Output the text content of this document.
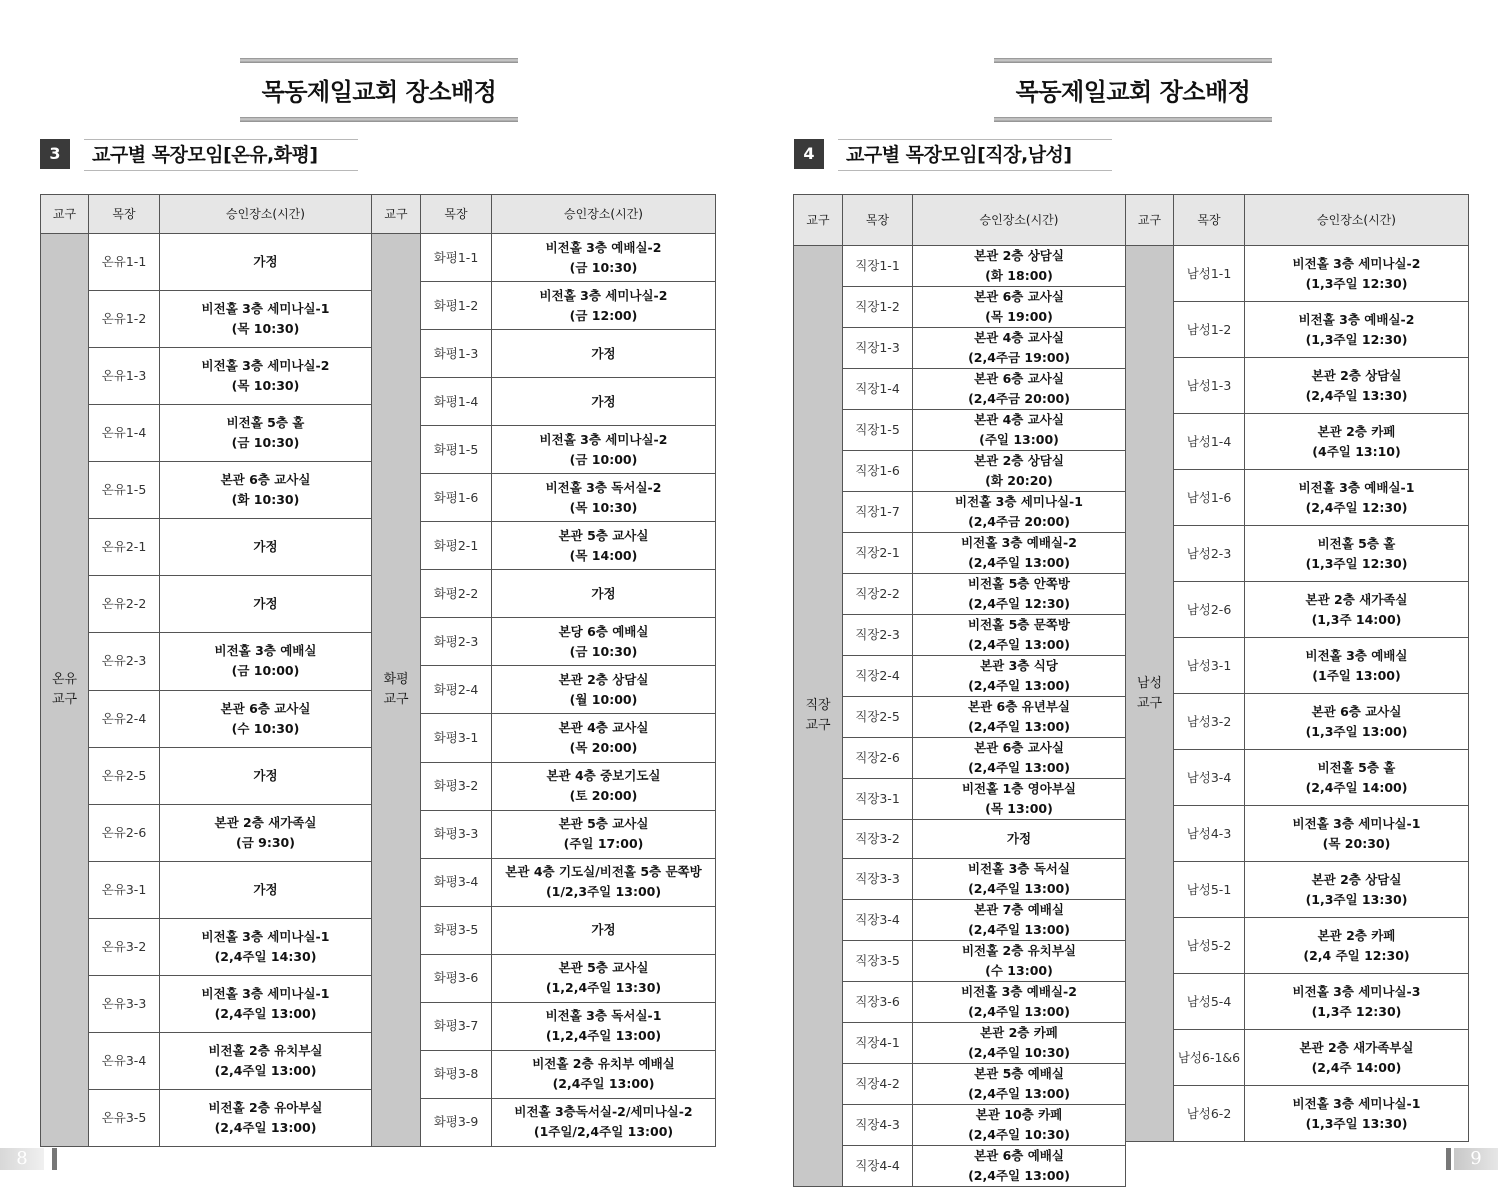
목동제일교회 장소배정
3	교구별 목장모임[온유,화평]
교구	목장	승인장소(시간)

온유
교구	온유1-1	가정

	온유1-2	비전홀 3층 세미나실-1
(목 10:30)

	온유1-3	비전홀 3층 세미나실-2
(목 10:30)

	온유1-4	비전홀 5층 홀
(금 10:30)

	온유1-5	본관 6층 교사실
(화 10:30)

	온유2-1	가정

	온유2-2	가정

	온유2-3	비전홀 3층 예배실
(금 10:00)

	온유2-4	본관 6층 교사실
(수 10:30)

	온유2-5	가정

	온유2-6	본관 2층 새가족실
(금 9:30)

	온유3-1	가정

	온유3-2	비전홀 3층 세미나실-1
(2,4주일 14:30)

	온유3-3	비전홀 3층 세미나실-1
(2,4주일 13:00)

	온유3-4	비전홀 2층 유치부실
(2,4주일 13:00)

	온유3-5	비전홀 2층 유아부실
(2,4주일 13:00)
교구	목장	승인장소(시간)

화평
교구	화평1-1	비전홀 3층 예배실-2
(금 10:30)

	화평1-2	비전홀 3층 세미나실-2
(금 12:00)

	화평1-3	가정

	화평1-4	가정

	화평1-5	비전홀 3층 세미나실-2
(금 10:00)

	화평1-6	비전홀 3층 독서실-2
(목 10:30)

	화평2-1	본관 5층 교사실
(목 14:00)

	화평2-2	가정

	화평2-3	본당 6층 예배실
(금 10:30)

	화평2-4	본관 2층 상담실
(월 10:00)

	화평3-1	본관 4층 교사실
(목 20:00)

	화평3-2	본관 4층 중보기도실
(토 20:00)

	화평3-3	본관 5층 교사실
(주일 17:00)

	화평3-4	본관 4층 기도실/비전홀 5층 문쪽방
(1/2,3주일 13:00)

	화평3-5	가정

	화평3-6	본관 5층 교사실
(1,2,4주일 13:30)

	화평3-7	비전홀 3층 독서실-1
(1,2,4주일 13:00)

	화평3-8	비전홀 2층 유치부 예배실
(2,4주일 13:00)

	화평3-9	비전홀 3층독서실-2/세미나실-2
(1주일/2,4주일 13:00)
8
목동제일교회 장소배정
4	교구별 목장모임[직장,남성]
교구	목장	승인장소(시간)

직장
교구	직장1-1	본관 2층 상담실
(화 18:00)

	직장1-2	본관 6층 교사실
(목 19:00)

	직장1-3	본관 4층 교사실
(2,4주금 19:00)

	직장1-4	본관 6층 교사실
(2,4주금 20:00)

	직장1-5	본관 4층 교사실
(주일 13:00)

	직장1-6	본관 2층 상담실
(화 20:20)

	직장1-7	비전홀 3층 세미나실-1
(2,4주금 20:00)

	직장2-1	비전홀 3층 예배실-2
(2,4주일 13:00)

	직장2-2	비전홀 5층 안쪽방
(2,4주일 12:30)

	직장2-3	비전홀 5층 문쪽방
(2,4주일 13:00)

	직장2-4	본관 3층 식당
(2,4주일 13:00)

	직장2-5	본관 6층 유년부실
(2,4주일 13:00)

	직장2-6	본관 6층 교사실
(2,4주일 13:00)

	직장3-1	비전홀 1층 영아부실
(목 13:00)

	직장3-2	가정

	직장3-3	비전홀 3층 독서실
(2,4주일 13:00)

	직장3-4	본관 7층 예배실
(2,4주일 13:00)

	직장3-5	비전홀 2층 유치부실
(수 13:00)

	직장3-6	비전홀 3층 예배실-2
(2,4주일 13:00)

	직장4-1	본관 2층 카페
(2,4주일 10:30)

	직장4-2	본관 5층 예배실
(2,4주일 13:00)

	직장4-3	본관 10층 카페
(2,4주일 10:30)

	직장4-4	본관 6층 예배실
(2,4주일 13:00)
교구	목장	승인장소(시간)

남성
교구	남성1-1	비전홀 3층 세미나실-2
(1,3주일 12:30)

	남성1-2	비전홀 3층 예배실-2
(1,3주일 12:30)

	남성1-3	본관 2층 상담실
(2,4주일 13:30)

	남성1-4	본관 2층 카페
(4주일 13:10)

	남성1-6	비전홀 3층 예배실-1
(2,4주일 12:30)

	남성2-3	비전홀 5층 홀
(1,3주일 12:30)

	남성2-6	본관 2층 새가족실
(1,3주 14:00)

	남성3-1	비전홀 3층 예배실
(1주일 13:00)

	남성3-2	본관 6층 교사실
(1,3주일 13:00)

	남성3-4	비전홀 5층 홀
(2,4주일 14:00)

	남성4-3	비전홀 3층 세미나실-1
(목 20:30)

	남성5-1	본관 2층 상담실
(1,3주일 13:30)

	남성5-2	본관 2층 카페
(2,4 주일 12:30)

	남성5-4	비전홀 3층 세미나실-3
(1,3주 12:30)

	남성6-1&6	본관 2층 새가족부실
(2,4주 14:00)

	남성6-2	비전홀 3층 세미나실-1
(1,3주일 13:30)
9
